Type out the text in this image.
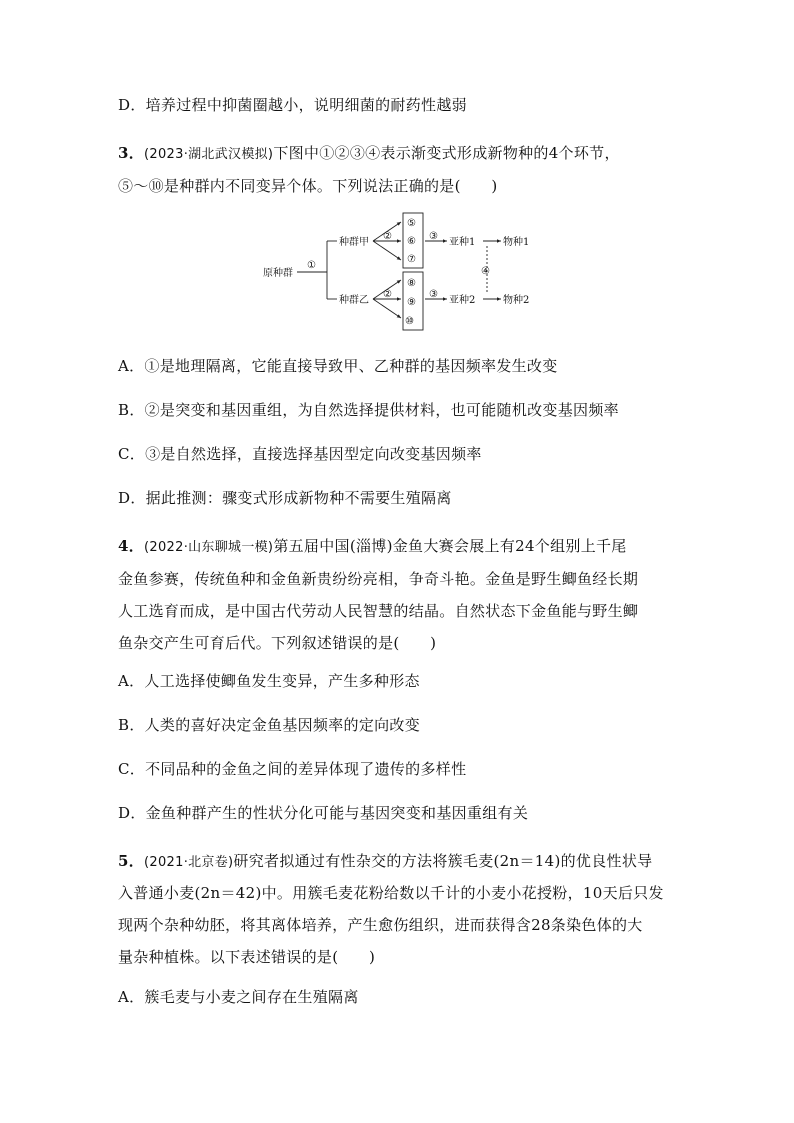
D．培养过程中抑菌圈越小，说明细菌的耐药性越弱
3．(2023·湖北武汉模拟)下图中①②③④表示渐变式形成新物种的4个环节，
⑤～⑩是种群内不同变异个体。下列说法正确的是(　　)
原种群
①
种群甲
种群乙
②
②
⑤
⑥
⑦
⑧
⑨
⑩
③
亚种1	物种1
③
亚种2	物种2
④
A．①是地理隔离，它能直接导致甲、乙种群的基因频率发生改变
B．②是突变和基因重组，为自然选择提供材料，也可能随机改变基因频率
C．③是自然选择，直接选择基因型定向改变基因频率
D．据此推测：骤变式形成新物种不需要生殖隔离
4．(2022·山东聊城一模)第五届中国(淄博)金鱼大赛会展上有24个组别上千尾
金鱼参赛，传统鱼种和金鱼新贵纷纷亮相，争奇斗艳。金鱼是野生鲫鱼经长期
人工选育而成，是中国古代劳动人民智慧的结晶。自然状态下金鱼能与野生鲫
鱼杂交产生可育后代。下列叙述错误的是(　　)
A．人工选择使鲫鱼发生变异，产生多种形态
B．人类的喜好决定金鱼基因频率的定向改变
C．不同品种的金鱼之间的差异体现了遗传的多样性
D．金鱼种群产生的性状分化可能与基因突变和基因重组有关
5．(2021·北京卷)研究者拟通过有性杂交的方法将簇毛麦(2n＝14)的优良性状导
入普通小麦(2n＝42)中。用簇毛麦花粉给数以千计的小麦小花授粉，10天后只发
现两个杂种幼胚，将其离体培养，产生愈伤组织，进而获得含28条染色体的大
量杂种植株。以下表述错误的是(　　)
A．簇毛麦与小麦之间存在生殖隔离
